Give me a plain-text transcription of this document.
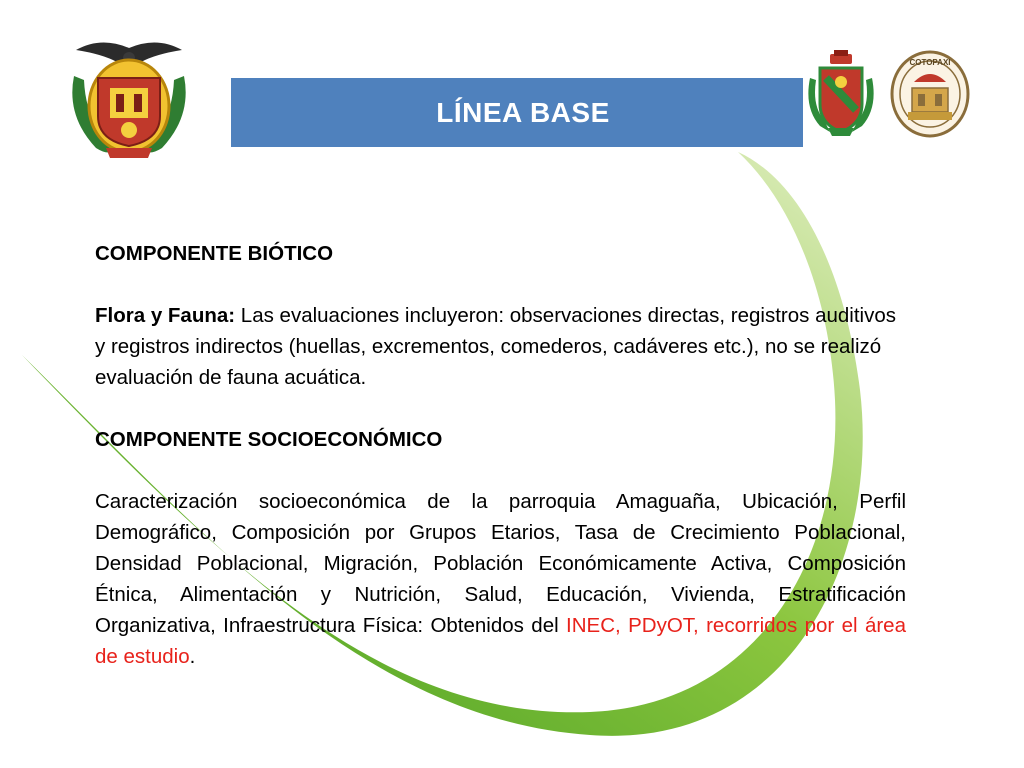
LÍNEA BASE
COTOPAXI

COMPONENTE BIÓTICO

Flora y Fauna: Las evaluaciones incluyeron: observaciones directas, registros auditivos y registros indirectos (huellas, excrementos, comederos, cadáveres etc.), no se realizó evaluación de fauna acuática.

COMPONENTE SOCIOECONÓMICO

Caracterización socioeconómica de la parroquia Amaguaña, Ubicación, Perfil Demográfico, Composición por Grupos Etarios, Tasa de Crecimiento Poblacional, Densidad Poblacional, Migración, Población Económicamente Activa, Composición Étnica, Alimentación y Nutrición, Salud, Educación, Vivienda, Estratificación Organizativa, Infraestructura Física: Obtenidos del INEC, PDyOT, recorridos por el área de estudio.
